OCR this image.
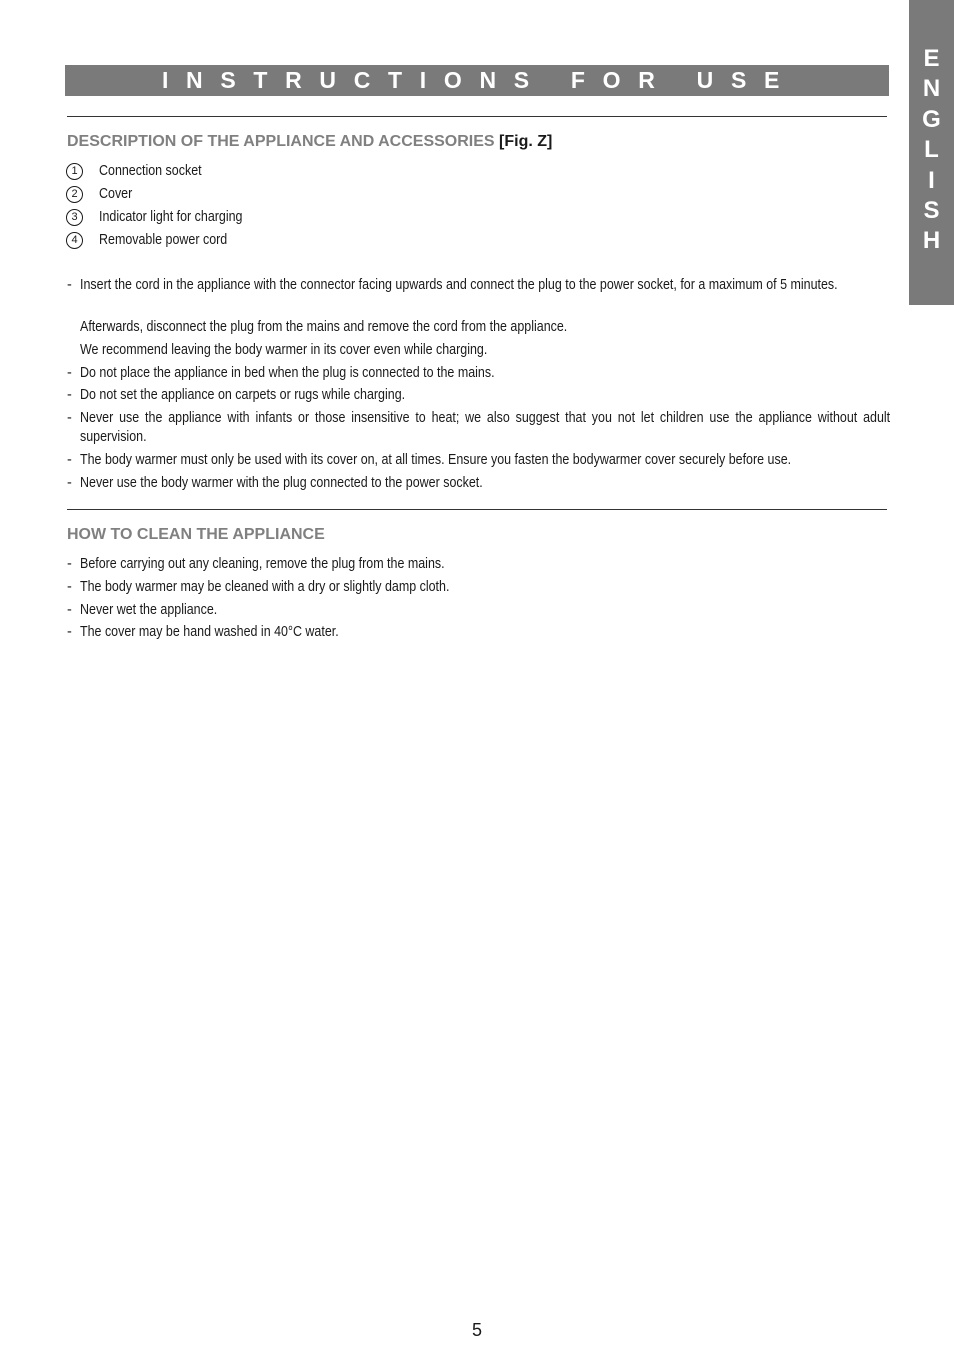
E
N
G
L
I
S
H
INSTRUCTIONS FOR USE
DESCRIPTION OF THE APPLIANCE AND ACCESSORIES [Fig. Z]
1	Connection socket
2	Cover
3	Indicator light for charging
4	Removable power cord
- Insert the cord in the appliance with the connector facing upwards and connect the plug to the power socket, for a maximum of 5 minutes.
Afterwards, disconnect the plug from the mains and remove the cord from the appliance.
We recommend leaving the body warmer in its cover even while charging.
- Do not place the appliance in bed when the plug is connected to the mains.
- Do not set the appliance on carpets or rugs while charging.
- Never use the appliance with infants or those insensitive to heat; we also suggest that you not let children use the appliance without adult supervision.
- The body warmer must only be used with its cover on, at all times. Ensure you fasten the bodywarmer cover securely before use.
- Never use the body warmer with the plug connected to the power socket.
HOW TO CLEAN THE APPLIANCE
- Before carrying out any cleaning, remove the plug from the mains.
- The body warmer may be cleaned with a dry or slightly damp cloth.
- Never wet the appliance.
- The cover may be hand washed in 40°C water.
5
